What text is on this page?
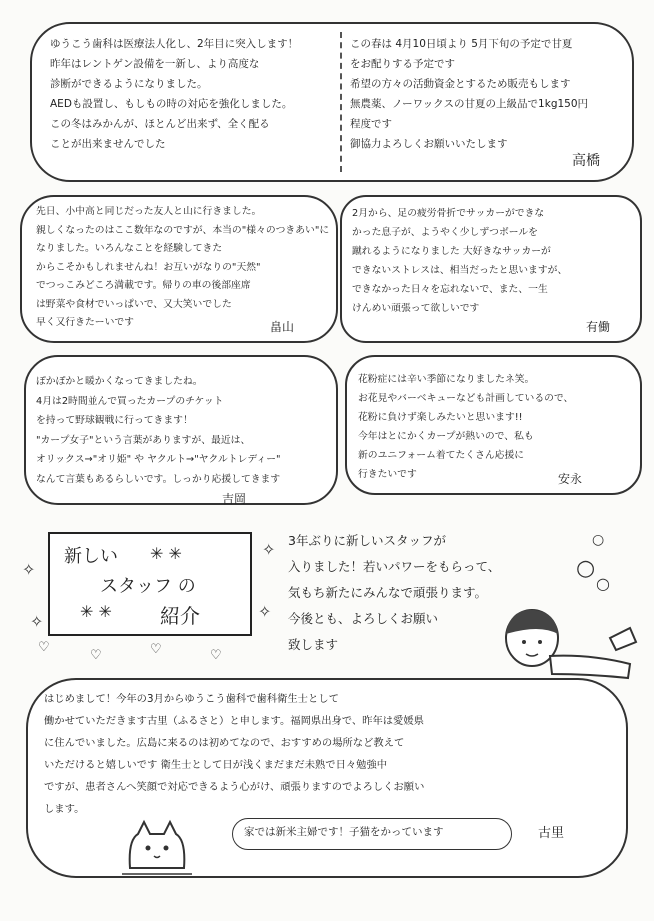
ゆうこう歯科は医療法人化し、2年目に突入します！
昨年はレントゲン設備を一新し、より高度な
診断ができるようになりました。
AEDも設置し、もしもの時の対応を強化しました。
この冬はみかんが、ほとんど出来ず、全く配る
ことが出来ませんでした
この春は 4月10日頃より 5月下旬の予定で甘夏
をお配りする予定です
希望の方々の活動資金とするため販売もします
無農薬、ノーワックスの甘夏の上級品で1kg150円
程度です
御協力よろしくお願いいたします
高橋
先日、小中高と同じだった友人と山に行きました。
親しくなったのはここ数年なのですが、本当の"様々のつきあい"になりました。いろんなことを経験してきた
からこそかもしれませんね！お互いがなりの"天然"
でつっこみどころ満載です。帰りの車の後部座席
は野菜や食材でいっぱいで、又大笑いでした
早く又行きたーいです	畠山
2月から、足の疲労骨折でサッカーができな
かった息子が、ようやく少しずつボールを
蹴れるようになりました 大好きなサッカーが
できないストレスは、相当だったと思いますが、
できなかった日々を忘れないで、また、一生
けんめい頑張って欲しいです
有働
ぽかぽかと暖かくなってきましたね。
4月は2時間並んで買ったカープのチケット
を持って野球観戦に行ってきます！
"カープ女子"という言葉がありますが、最近は、
オリックス→"オリ姫" や ヤクルト→"ヤクルトレディー"
なんて言葉もあるらしいです。しっかり応援してきます
吉岡
花粉症には辛い季節になりましたネ笑。
お花見やバーベキューなども計画しているので、
花粉に負けず楽しみたいと思います!!
今年はとにかくカープが熱いので、私も
新のユニフォーム着てたくさん応援に
行きたいです	安永
新しい ✳ ✳
スタッフ の
✳ ✳ 紹介
✧
✧
✧
✧
♡
♡	♡	♡
○
○
○
3年ぶりに新しいスタッフが
入りました！若いパワーをもらって、
気もち新たにみんなで頑張ります。
今後とも、よろしくお願い
致します
はじめまして！今年の3月からゆうこう歯科で歯科衛生士として
働かせていただきます古里（ふるさと）と申します。福岡県出身で、昨年は愛媛県
に住んでいました。広島に来るのは初めてなので、おすすめの場所など教えて
いただけると嬉しいです 衛生士として日が浅くまだまだ未熟で日々勉強中
ですが、患者さんへ笑顔で対応できるよう心がけ、頑張りますのでよろしくお願い
します。
家では新米主婦です！子猫をかっています	古里
